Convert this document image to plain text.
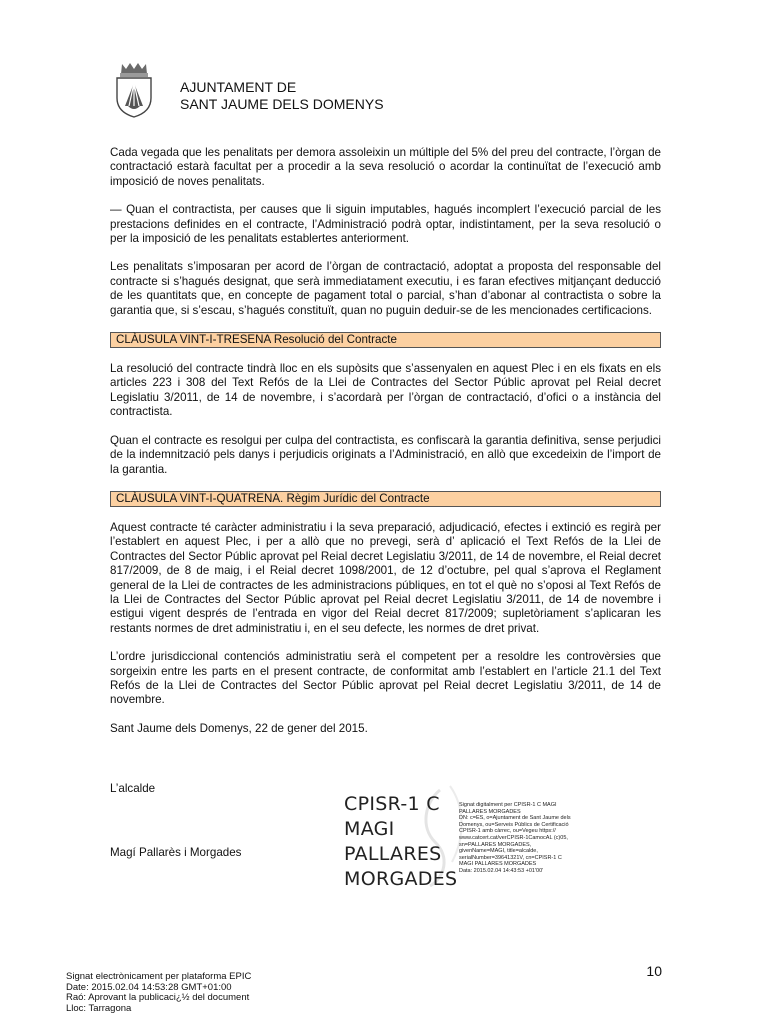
AJUNTAMENT DE
SANT JAUME DELS DOMENYS

Cada vegada que les penalitats per demora assoleixin un múltiple del 5% del preu del contracte, l’òrgan de contractació estarà facultat per a procedir a la seva resolució o acordar la continuïtat de l’execució amb imposició de noves penalitats.

— Quan el contractista, per causes que li siguin imputables, hagués incomplert l’execució parcial de les prestacions definides en el contracte, l’Administració podrà optar, indistintament, per la seva resolució o per la imposició de les penalitats establertes anteriorment.

Les penalitats s’imposaran per acord de l’òrgan de contractació, adoptat a proposta del responsable del contracte si s’hagués designat, que serà immediatament executiu, i es faran efectives mitjançant deducció de les quantitats que, en concepte de pagament total o parcial, s’han d’abonar al contractista o sobre la garantia que, si s’escau, s’hagués constituït, quan no puguin deduir-se de les mencionades certificacions.

CLÀUSULA VINT-I-TRESENA Resolució del Contracte

La resolució del contracte tindrà lloc en els supòsits que s’assenyalen en aquest Plec i en els fixats en els articles 223 i 308 del Text Refós de la Llei de Contractes del Sector Públic aprovat pel Reial decret Legislatiu 3/2011, de 14 de novembre, i s’acordarà per l’òrgan de contractació, d’ofici o a instància del contractista.

Quan el contracte es resolgui per culpa del contractista, es confiscarà la garantia definitiva, sense perjudici de la indemnització pels danys i perjudicis originats a l’Administració, en allò que excedeixin de l’import de la garantia.

CLÀUSULA VINT-I-QUATRENA. Règim Jurídic del Contracte

Aquest contracte té caràcter administratiu i la seva preparació, adjudicació, efectes i extinció es regirà per l’establert en aquest Plec, i per a allò que no prevegi, serà d’ aplicació el Text Refós de la Llei de Contractes del Sector Públic aprovat pel Reial decret Legislatiu 3/2011, de 14 de novembre, el Reial decret 817/2009, de 8 de maig, i el Reial decret 1098/2001, de 12 d’octubre, pel qual s’aprova el Reglament general de la Llei de contractes de les administracions públiques, en tot el què no s’oposi al Text Refós de la Llei de Contractes del Sector Públic aprovat pel Reial decret Legislatiu 3/2011, de 14 de novembre i estigui vigent després de l’entrada en vigor del Reial decret 817/2009; supletòriament s’aplicaran les restants normes de dret administratiu i, en el seu defecte, les normes de dret privat.

L’ordre jurisdiccional contenciós administratiu serà el competent per a resoldre les controvèrsies que sorgeixin entre les parts en el present contracte, de conformitat amb l’establert en l’article 21.1 del Text Refós de la Llei de Contractes del Sector Públic aprovat pel Reial decret Legislatiu 3/2011, de 14 de novembre.

Sant Jaume dels Domenys, 22 de gener del 2015.

L’alcalde
Magí Pallarès i Morgades
CPISR-1 C
MAGI
PALLARES
MORGADES
Signat digitalment per CPISR-1 C MAGI
PALLARES MORGADES
DN: c=ES, o=Ajuntament de Sant Jaume dels
Domenys, ou=Serveis Públics de Certificació
CPISR-1 amb càrrec, ou=Vegeu https://
www.catcert.cat/verCPISR-1CamocAL (c)05,
sn=PALLARES MORGADES,
givenName=MAGI, title=alcalde,
serialNumber=39641321V, cn=CPISR-1 C
MAGI PALLARES MORGADES
Data: 2015.02.04 14:43:53 +01'00'
10
Signat electrònicament per plataforma EPIC
Date: 2015.02.04 14:53:28 GMT+01:00
Raó: Aprovant la publicaci¿½ del document
Lloc: Tarragona
